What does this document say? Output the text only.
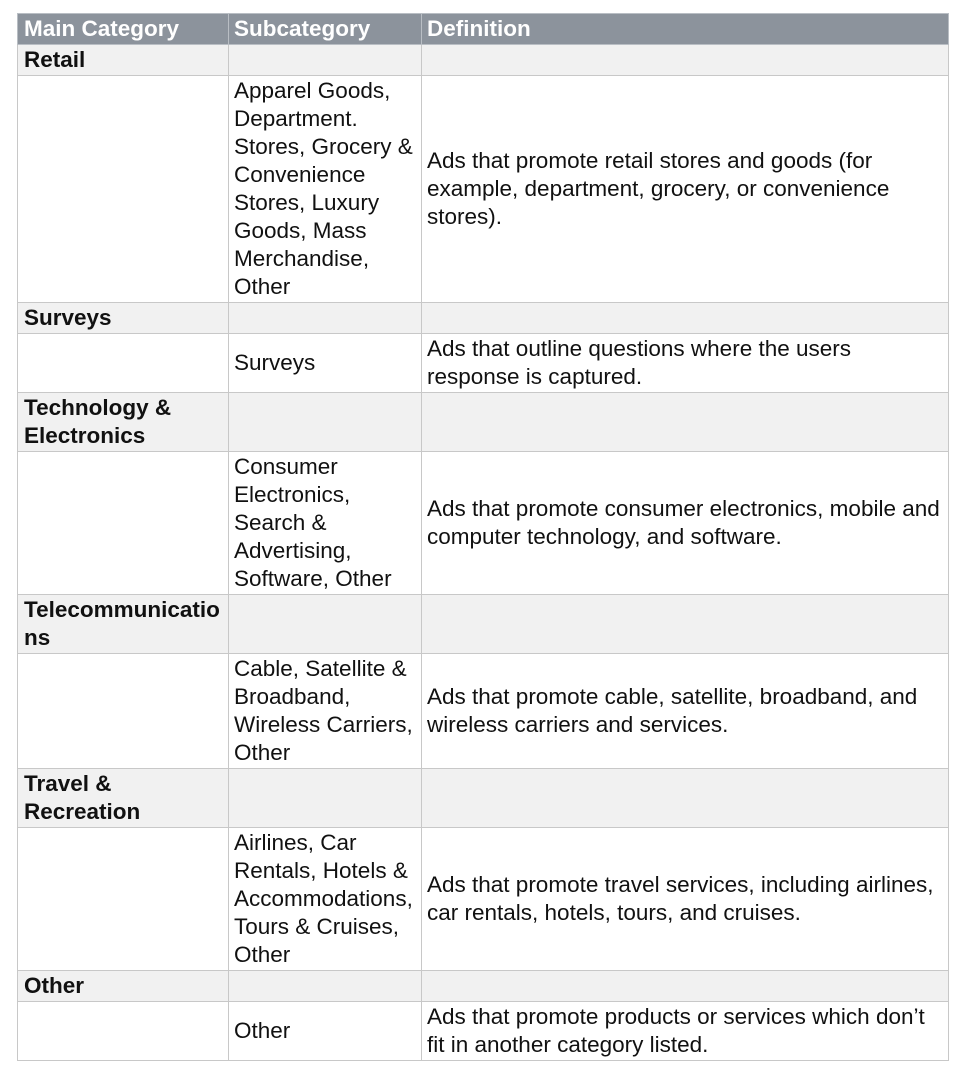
Main Category	Subcategory	Definition
Retail		
	Apparel Goods, Department. Stores, Grocery & Convenience Stores, Luxury Goods, Mass Merchandise, Other	Ads that promote retail stores and goods (for example, department, grocery, or convenience stores).
Surveys		
	Surveys	Ads that outline questions where the users response is captured.
Technology & Electronics		
	Consumer Electronics, Search & Advertising, Software, Other	Ads that promote consumer electronics, mobile and computer technology, and software.
Telecommunications		
	Cable, Satellite & Broadband, Wireless Carriers, Other	Ads that promote cable, satellite, broadband, and wireless carriers and services.
Travel & Recreation		
	Airlines, Car Rentals, Hotels & Accommodations, Tours & Cruises, Other	Ads that promote travel services, including airlines, car rentals, hotels, tours, and cruises.
Other		
	Other	Ads that promote products or services which don’t fit in another category listed.
